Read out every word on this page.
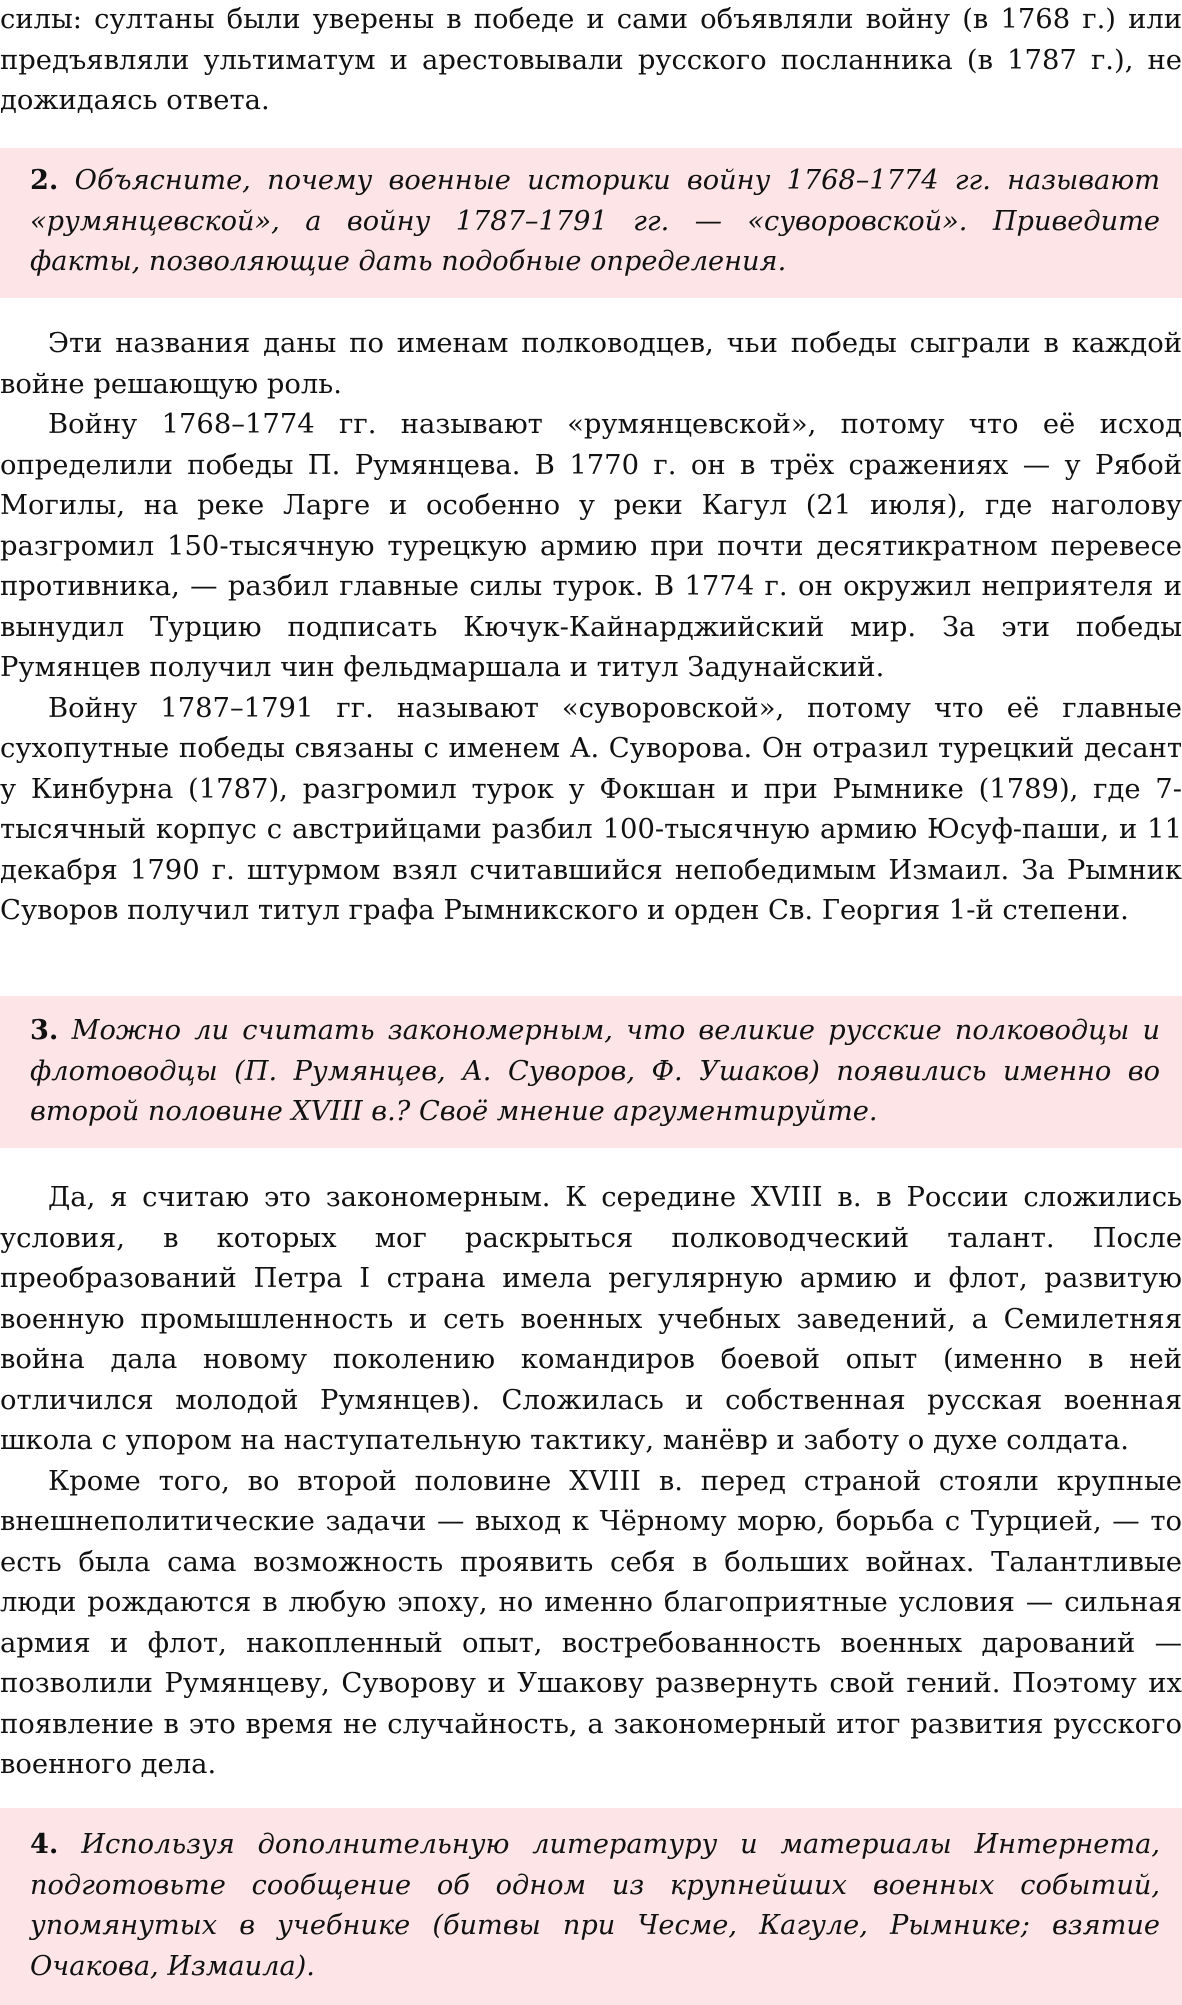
силы: султаны были уверены в победе и сами объявляли войну (в 1768 г.) или предъявляли ультиматум и арестовывали русского посланника (в 1787 г.), не дожидаясь ответа.

2. Объясните, почему военные историки войну 1768–1774 гг. называют «румянцевской», а войну 1787–1791 гг. — «суворовской». Приведите факты, позволяющие дать подобные определения.

Эти названия даны по именам полководцев, чьи победы сыграли в каждой войне решающую роль.

Войну 1768–1774 гг. называют «румянцевской», потому что её исход определили победы П. Румянцева. В 1770 г. он в трёх сражениях — у Рябой Могилы, на реке Ларге и особенно у реки Кагул (21 июля), где наголову разгромил 150-тысячную турецкую армию при почти десятикратном перевесе противника, — разбил главные силы турок. В 1774 г. он окружил неприятеля и вынудил Турцию подписать Кючук-Кайнарджийский мир. За эти победы Румянцев получил чин фельдмаршала и титул Задунайский.

Войну 1787–1791 гг. называют «суворовской», потому что её главные сухопутные победы связаны с именем А. Суворова. Он отразил турецкий десант у Кинбурна (1787), разгромил турок у Фокшан и при Рымнике (1789), где 7-тысячный корпус с австрийцами разбил 100-тысячную армию Юсуф-паши, и 11 декабря 1790 г. штурмом взял считавшийся непобедимым Измаил. За Рымник Суворов получил титул графа Рымникского и орден Св. Георгия 1-й степени.

3. Можно ли считать закономерным, что великие русские полководцы и флотоводцы (П. Румянцев, А. Суворов, Ф. Ушаков) появились именно во второй половине XVIII в.? Своё мнение аргументируйте.

Да, я считаю это закономерным. К середине XVIII в. в России сложились условия, в которых мог раскрыться полководческий талант. После преобразований Петра I страна имела регулярную армию и флот, развитую военную промышленность и сеть военных учебных заведений, а Семилетняя война дала новому поколению командиров боевой опыт (именно в ней отличился молодой Румянцев). Сложилась и собственная русская военная школа с упором на наступательную тактику, манёвр и заботу о духе солдата.

Кроме того, во второй половине XVIII в. перед страной стояли крупные внешнеполитические задачи — выход к Чёрному морю, борьба с Турцией, — то есть была сама возможность проявить себя в больших войнах. Талантливые люди рождаются в любую эпоху, но именно благоприятные условия — сильная армия и флот, накопленный опыт, востребованность военных дарований — позволили Румянцеву, Суворову и Ушакову развернуть свой гений. Поэтому их появление в это время не случайность, а закономерный итог развития русского военного дела.

4. Используя дополнительную литературу и материалы Интернета, подготовьте сообщение об одном из крупнейших военных событий, упомянутых в учебнике (битвы при Чесме, Кагуле, Рымнике; взятие Очакова, Измаила).
